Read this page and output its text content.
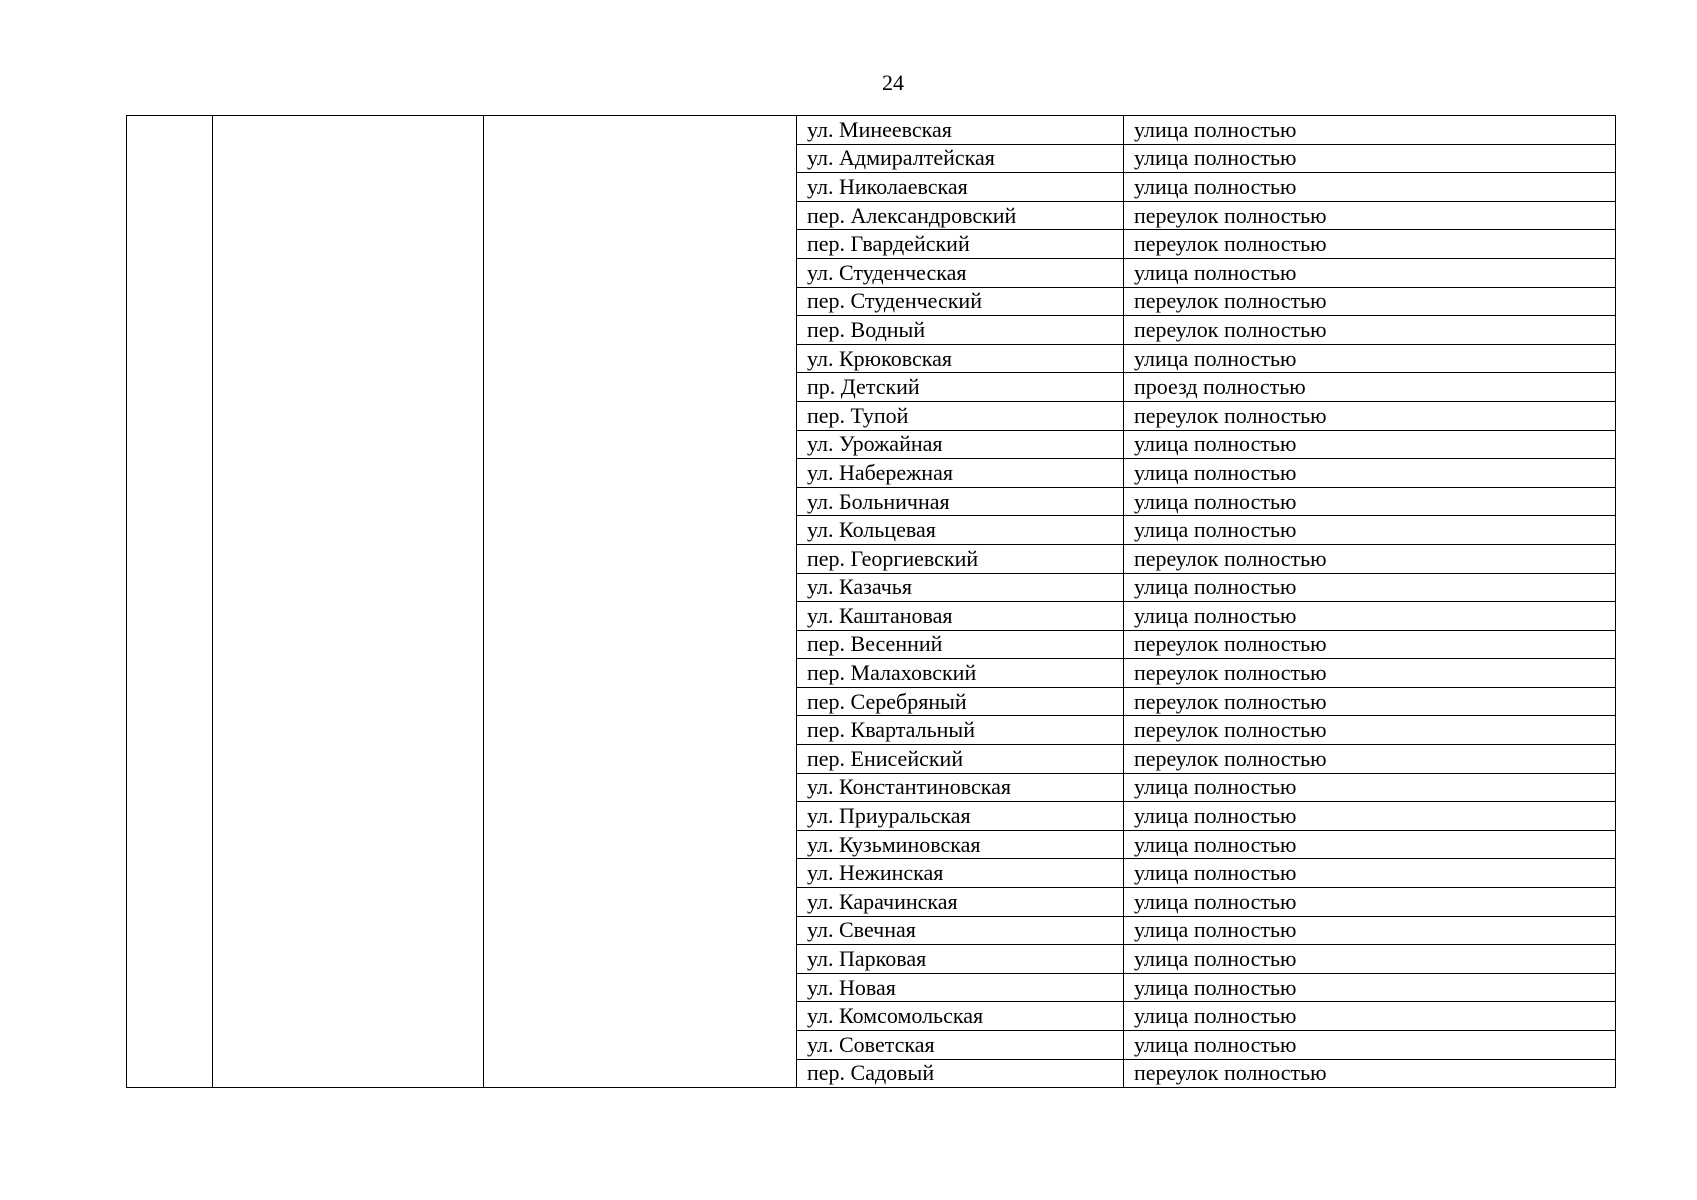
24
			ул. Минеевская	улица полностью
			ул. Адмиралтейская	улица полностью
			ул. Николаевская	улица полностью
			пер. Александровский	переулок полностью
			пер. Гвардейский	переулок полностью
			ул. Студенческая	улица полностью
			пер. Студенческий	переулок полностью
			пер. Водный	переулок полностью
			ул. Крюковская	улица полностью
			пр. Детский	проезд полностью
			пер. Тупой	переулок полностью
			ул. Урожайная	улица полностью
			ул. Набережная	улица полностью
			ул. Больничная	улица полностью
			ул. Кольцевая	улица полностью
			пер. Георгиевский	переулок полностью
			ул. Казачья	улица полностью
			ул. Каштановая	улица полностью
			пер. Весенний	переулок полностью
			пер. Малаховский	переулок полностью
			пер. Серебряный	переулок полностью
			пер. Квартальный	переулок полностью
			пер. Енисейский	переулок полностью
			ул. Константиновская	улица полностью
			ул. Приуральская	улица полностью
			ул. Кузьминовская	улица полностью
			ул. Нежинская	улица полностью
			ул. Карачинская	улица полностью
			ул. Свечная	улица полностью
			ул. Парковая	улица полностью
			ул. Новая	улица полностью
			ул. Комсомольская	улица полностью
			ул. Советская	улица полностью
			пер. Садовый	переулок полностью
